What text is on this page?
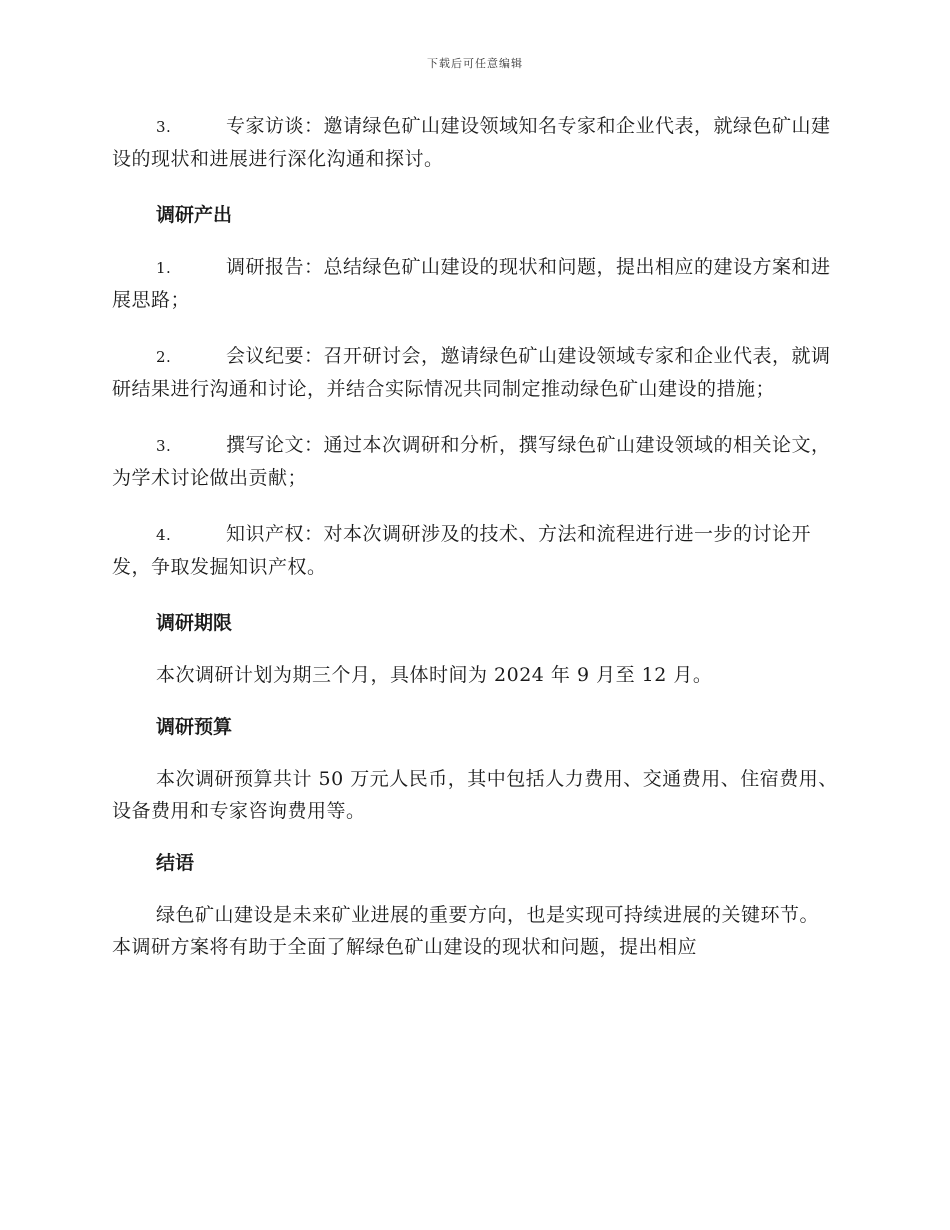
下载后可任意编辑

3.	专家访谈：邀请绿色矿山建设领域知名专家和企业代表，就绿色矿山建设的现状和进展进行深化沟通和探讨。

调研产出

1.	调研报告：总结绿色矿山建设的现状和问题，提出相应的建设方案和进展思路；

2.	会议纪要：召开研讨会，邀请绿色矿山建设领域专家和企业代表，就调研结果进行沟通和讨论，并结合实际情况共同制定推动绿色矿山建设的措施；

3.	撰写论文：通过本次调研和分析，撰写绿色矿山建设领域的相关论文，为学术讨论做出贡献；

4.	知识产权：对本次调研涉及的技术、方法和流程进行进一步的讨论开发，争取发掘知识产权。

调研期限

本次调研计划为期三个月，具体时间为 2024 年 9 月至 12 月。

调研预算

本次调研预算共计 50 万元人民币，其中包括人力费用、交通费用、住宿费用、设备费用和专家咨询费用等。

结语

绿色矿山建设是未来矿业进展的重要方向，也是实现可持续进展的关键环节。本调研方案将有助于全面了解绿色矿山建设的现状和问题，提出相应
